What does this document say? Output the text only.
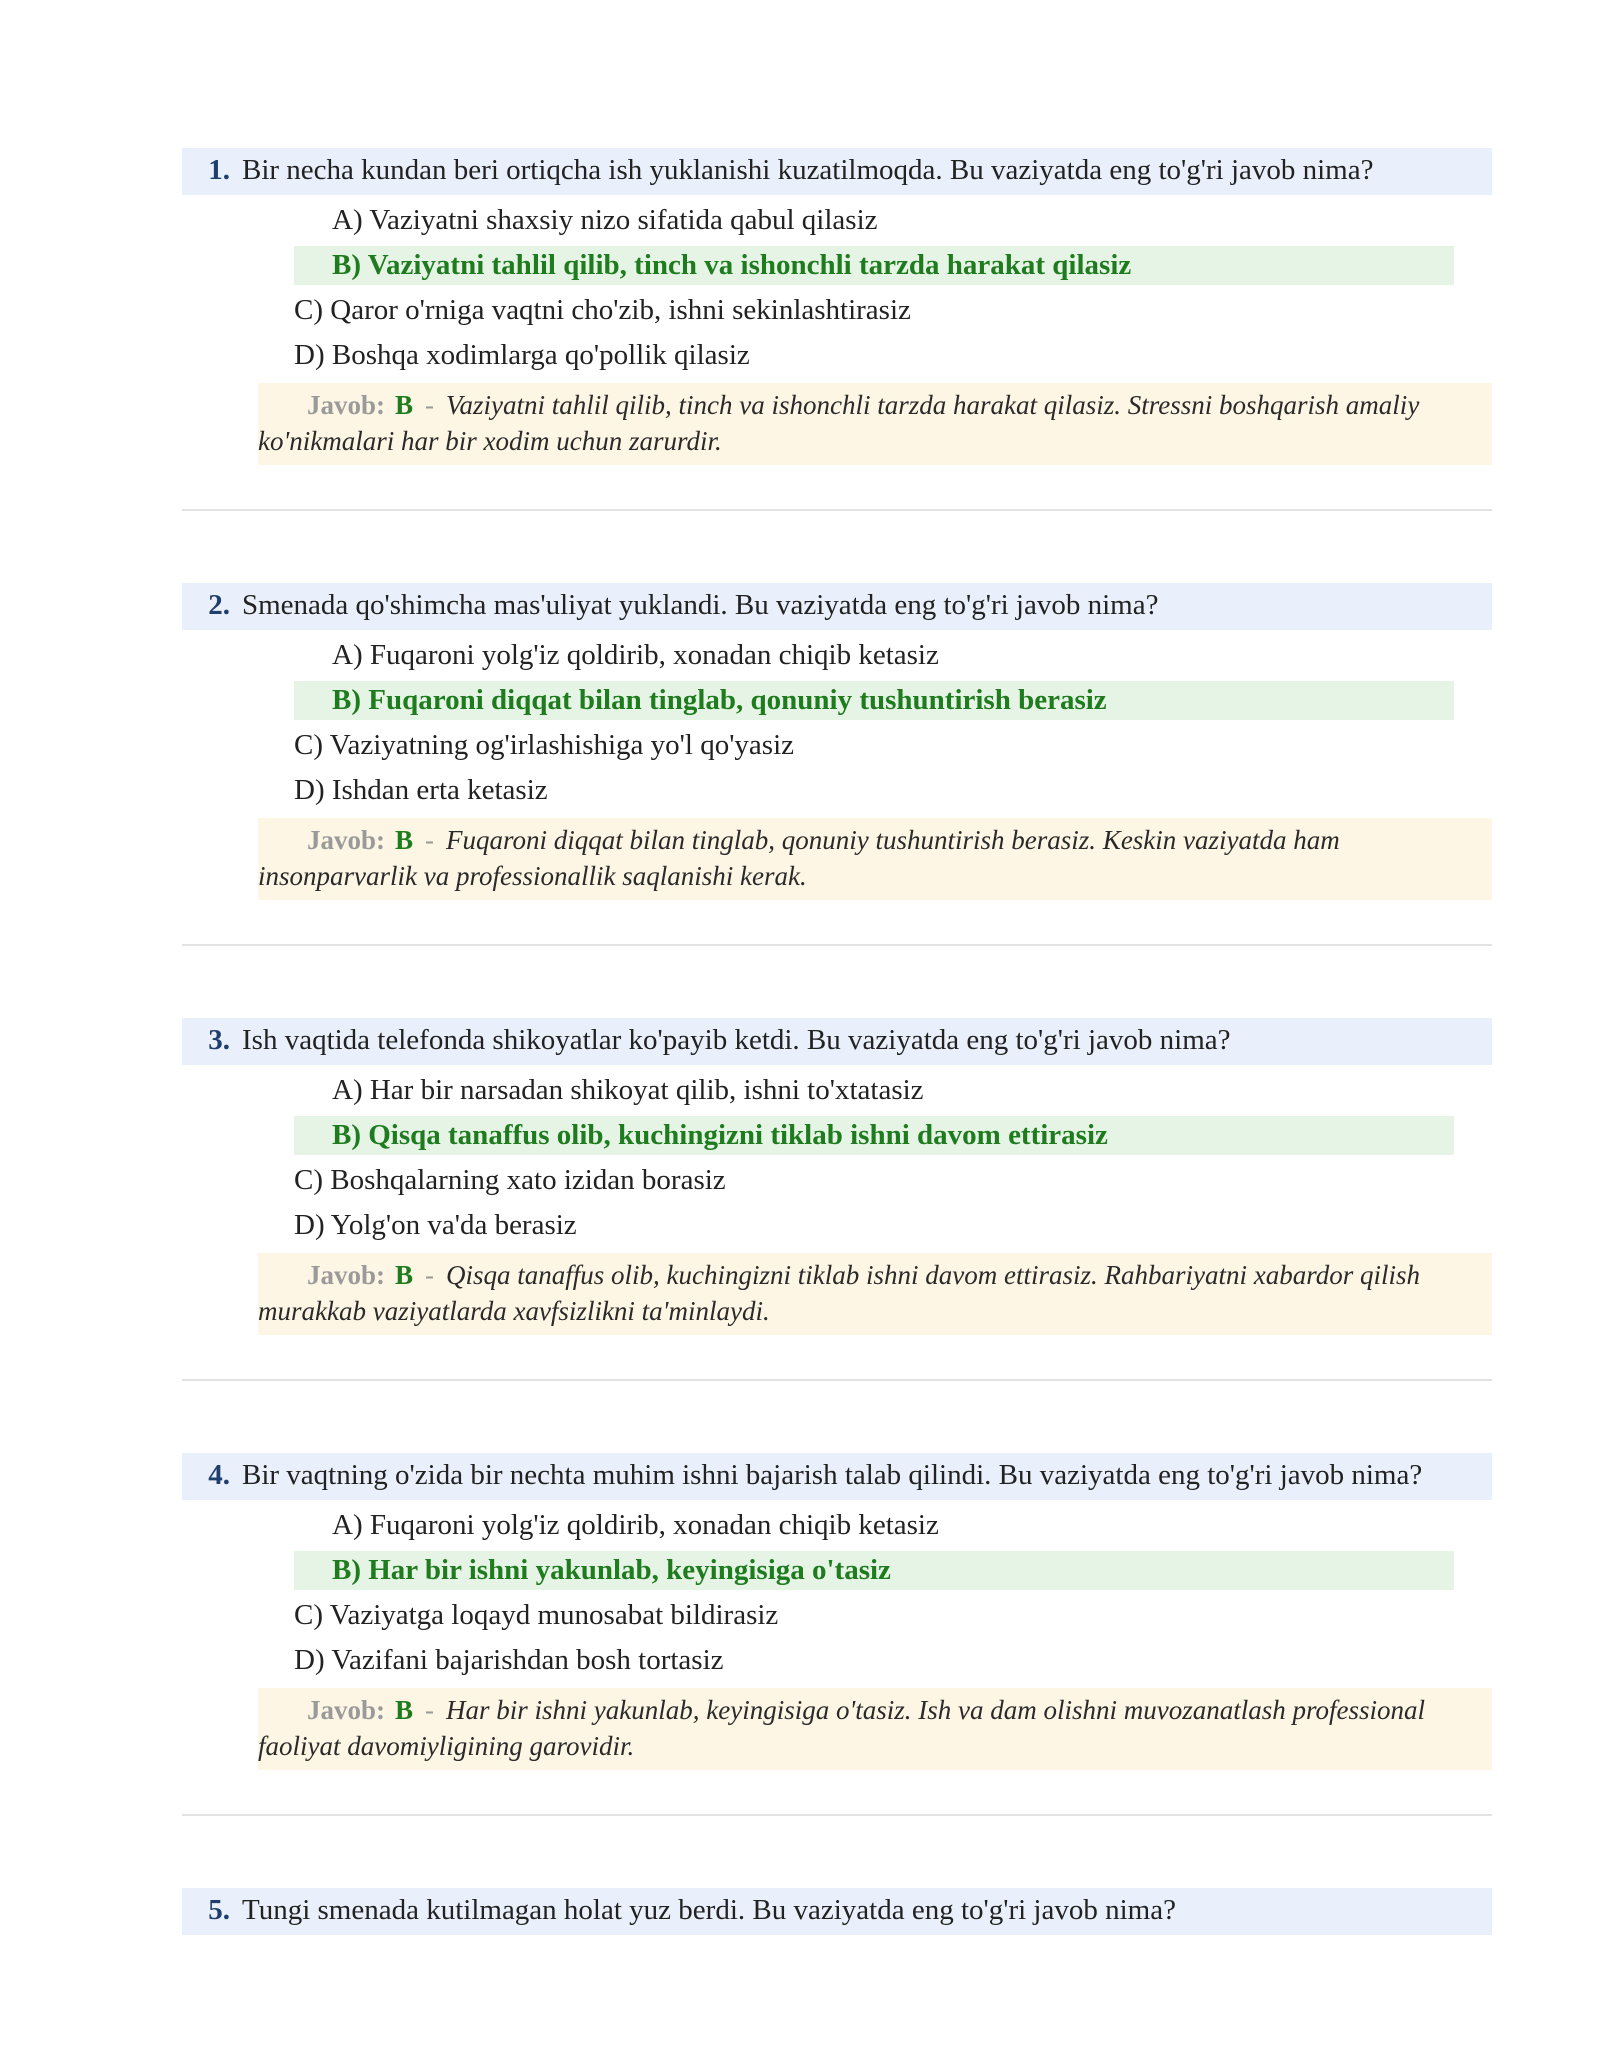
1. Bir necha kundan beri ortiqcha ish yuklanishi kuzatilmoqda. Bu vaziyatda eng to'g'ri javob nima?
A) Vaziyatni shaxsiy nizo sifatida qabul qilasiz
B) Vaziyatni tahlil qilib, tinch va ishonchli tarzda harakat qilasiz
C) Qaror o'rniga vaqtni cho'zib, ishni sekinlashtirasiz
D) Boshqa xodimlarga qo'pollik qilasiz
Javob: B - Vaziyatni tahlil qilib, tinch va ishonchli tarzda harakat qilasiz. Stressni boshqarish amaliy ko'nikmalari har bir xodim uchun zarurdir.
2. Smenada qo'shimcha mas'uliyat yuklandi. Bu vaziyatda eng to'g'ri javob nima?
A) Fuqaroni yolg'iz qoldirib, xonadan chiqib ketasiz
B) Fuqaroni diqqat bilan tinglab, qonuniy tushuntirish berasiz
C) Vaziyatning og'irlashishiga yo'l qo'yasiz
D) Ishdan erta ketasiz
Javob: B - Fuqaroni diqqat bilan tinglab, qonuniy tushuntirish berasiz. Keskin vaziyatda ham insonparvarlik va professionallik saqlanishi kerak.
3. Ish vaqtida telefonda shikoyatlar ko'payib ketdi. Bu vaziyatda eng to'g'ri javob nima?
A) Har bir narsadan shikoyat qilib, ishni to'xtatasiz
B) Qisqa tanaffus olib, kuchingizni tiklab ishni davom ettirasiz
C) Boshqalarning xato izidan borasiz
D) Yolg'on va'da berasiz
Javob: B - Qisqa tanaffus olib, kuchingizni tiklab ishni davom ettirasiz. Rahbariyatni xabardor qilish murakkab vaziyatlarda xavfsizlikni ta'minlaydi.
4. Bir vaqtning o'zida bir nechta muhim ishni bajarish talab qilindi. Bu vaziyatda eng to'g'ri javob nima?
A) Fuqaroni yolg'iz qoldirib, xonadan chiqib ketasiz
B) Har bir ishni yakunlab, keyingisiga o'tasiz
C) Vaziyatga loqayd munosabat bildirasiz
D) Vazifani bajarishdan bosh tortasiz
Javob: B - Har bir ishni yakunlab, keyingisiga o'tasiz. Ish va dam olishni muvozanatlash professional faoliyat davomiyligining garovidir.
5. Tungi smenada kutilmagan holat yuz berdi. Bu vaziyatda eng to'g'ri javob nima?
